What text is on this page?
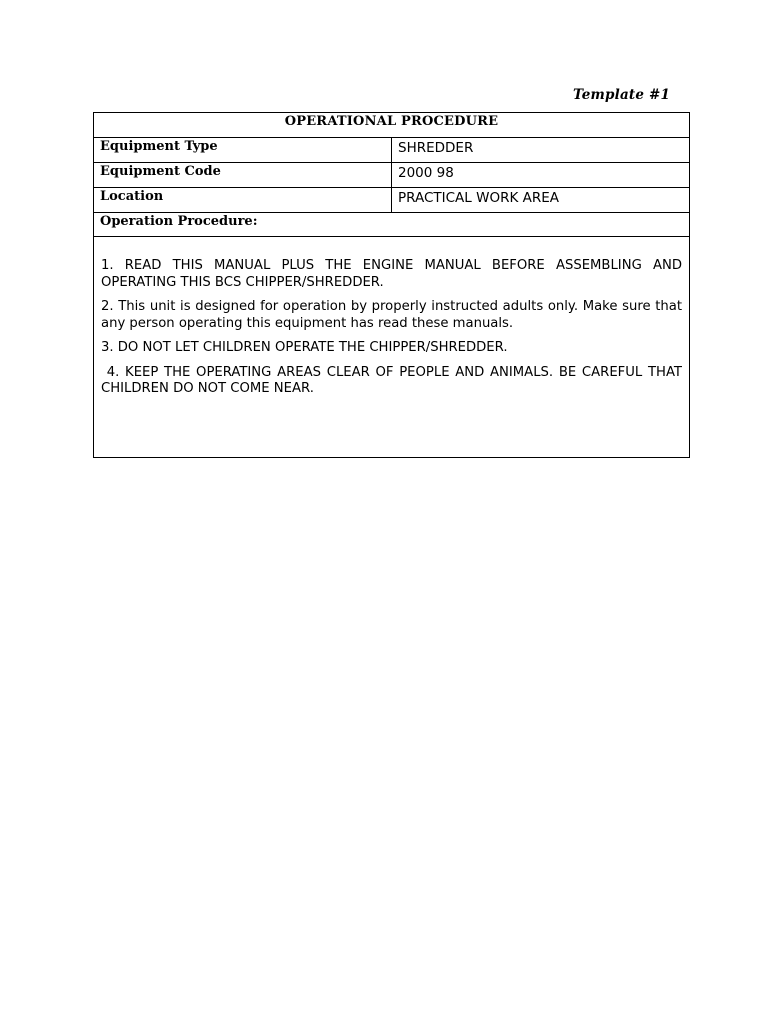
Template #1
OPERATIONAL PROCEDURE	
Equipment Type	SHREDDER
Equipment Code	2000 98
Location	PRACTICAL WORK AREA
Operation Procedure:	

1. READ THIS MANUAL PLUS THE ENGINE MANUAL BEFORE ASSEMBLING AND OPERATING THIS BCS CHIPPER/SHREDDER.

2. This unit is designed for operation by properly instructed adults only. Make sure that any person operating this equipment has read these manuals.

3. DO NOT LET CHILDREN OPERATE THE CHIPPER/SHREDDER.

4. KEEP THE OPERATING AREAS CLEAR OF PEOPLE AND ANIMALS. BE CAREFUL THAT CHILDREN DO NOT COME NEAR.	
